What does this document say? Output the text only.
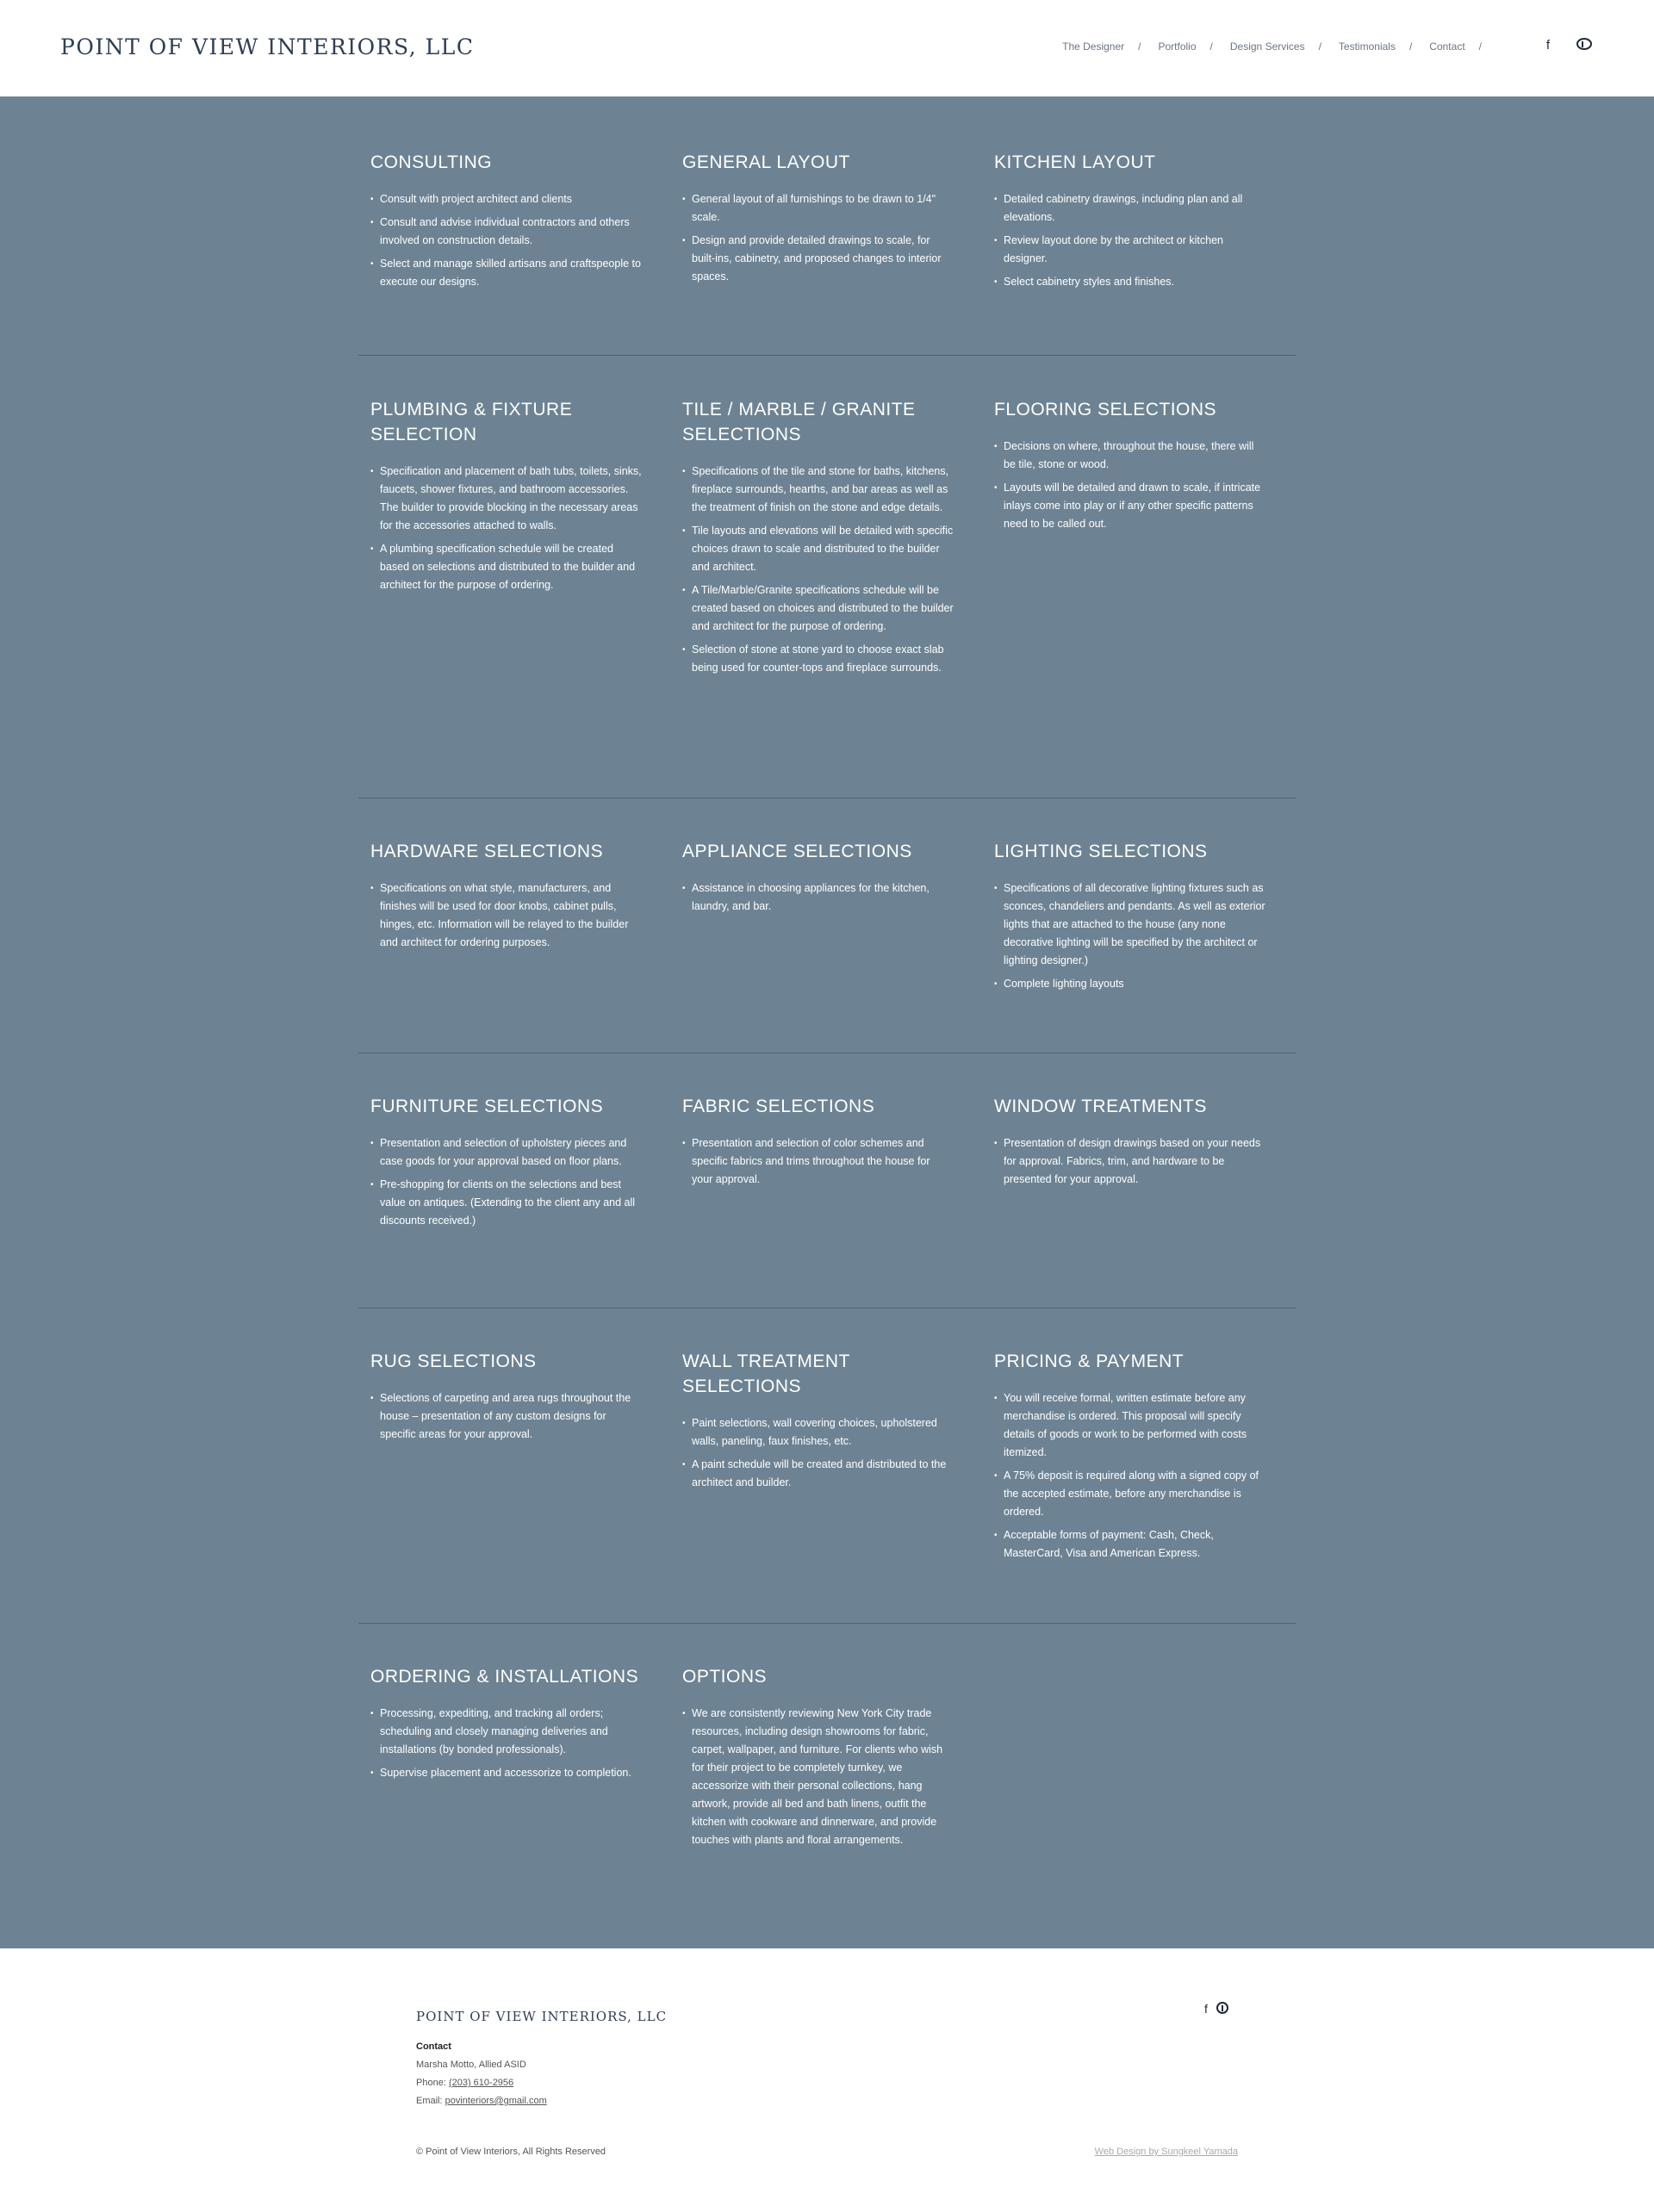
POINT OF VIEW INTERIORS, LLC	The Designer / Portfolio / Design Services / Testimonials / Contact /	f
CONSULTING
• Consult with project architect and clients
• Consult and advise individual contractors and others involved on construction details.
• Select and manage skilled artisans and craftspeople to execute our designs.
GENERAL LAYOUT
• General layout of all furnishings to be drawn to 1/4" scale.
• Design and provide detailed drawings to scale, for built-ins, cabinetry, and proposed changes to interior spaces.
KITCHEN LAYOUT
• Detailed cabinetry drawings, including plan and all elevations.
• Review layout done by the architect or kitchen designer.
• Select cabinetry styles and finishes.
PLUMBING & FIXTURE SELECTION
• Specification and placement of bath tubs, toilets, sinks, faucets, shower fixtures, and bathroom accessories. The builder to provide blocking in the necessary areas for the accessories attached to walls.
• A plumbing specification schedule will be created based on selections and distributed to the builder and architect for the purpose of ordering.
TILE / MARBLE / GRANITE SELECTIONS
• Specifications of the tile and stone for baths, kitchens, fireplace surrounds, hearths, and bar areas as well as the treatment of finish on the stone and edge details.
• Tile layouts and elevations will be detailed with specific choices drawn to scale and distributed to the builder and architect.
• A Tile/Marble/Granite specifications schedule will be created based on choices and distributed to the builder and architect for the purpose of ordering.
• Selection of stone at stone yard to choose exact slab being used for counter-tops and fireplace surrounds.
FLOORING SELECTIONS
• Decisions on where, throughout the house, there will be tile, stone or wood.
• Layouts will be detailed and drawn to scale, if intricate inlays come into play or if any other specific patterns need to be called out.
HARDWARE SELECTIONS
• Specifications on what style, manufacturers, and finishes will be used for door knobs, cabinet pulls, hinges, etc. Information will be relayed to the builder and architect for ordering purposes.
APPLIANCE SELECTIONS
• Assistance in choosing appliances for the kitchen, laundry, and bar.
LIGHTING SELECTIONS
• Specifications of all decorative lighting fixtures such as sconces, chandeliers and pendants. As well as exterior lights that are attached to the house (any none decorative lighting will be specified by the architect or lighting designer.)
• Complete lighting layouts
FURNITURE SELECTIONS
• Presentation and selection of upholstery pieces and case goods for your approval based on floor plans.
• Pre-shopping for clients on the selections and best value on antiques. (Extending to the client any and all discounts received.)
FABRIC SELECTIONS
• Presentation and selection of color schemes and specific fabrics and trims throughout the house for your approval.
WINDOW TREATMENTS
• Presentation of design drawings based on your needs for approval. Fabrics, trim, and hardware to be presented for your approval.
RUG SELECTIONS
• Selections of carpeting and area rugs throughout the house – presentation of any custom designs for specific areas for your approval.
WALL TREATMENT SELECTIONS
• Paint selections, wall covering choices, upholstered walls, paneling, faux finishes, etc.
• A paint schedule will be created and distributed to the architect and builder.
PRICING & PAYMENT
• You will receive formal, written estimate before any merchandise is ordered. This proposal will specify details of goods or work to be performed with costs itemized.
• A 75% deposit is required along with a signed copy of the accepted estimate, before any merchandise is ordered.
• Acceptable forms of payment: Cash, Check, MasterCard, Visa and American Express.
ORDERING & INSTALLATIONS
• Processing, expediting, and tracking all orders; scheduling and closely managing deliveries and installations (by bonded professionals).
• Supervise placement and accessorize to completion.
OPTIONS
• We are consistently reviewing New York City trade resources, including design showrooms for fabric, carpet, wallpaper, and furniture. For clients who wish for their project to be completely turnkey, we accessorize with their personal collections, hang artwork, provide all bed and bath linens, outfit the kitchen with cookware and dinnerware, and provide touches with plants and floral arrangements.
POINT OF VIEW INTERIORS, LLC	f
Contact
Marsha Motto, Allied ASID
Phone: (203) 610-2956
Email: povinteriors@gmail.com
© Point of View Interiors, All Rights Reserved	Web Design by Sungkeel Yamada
